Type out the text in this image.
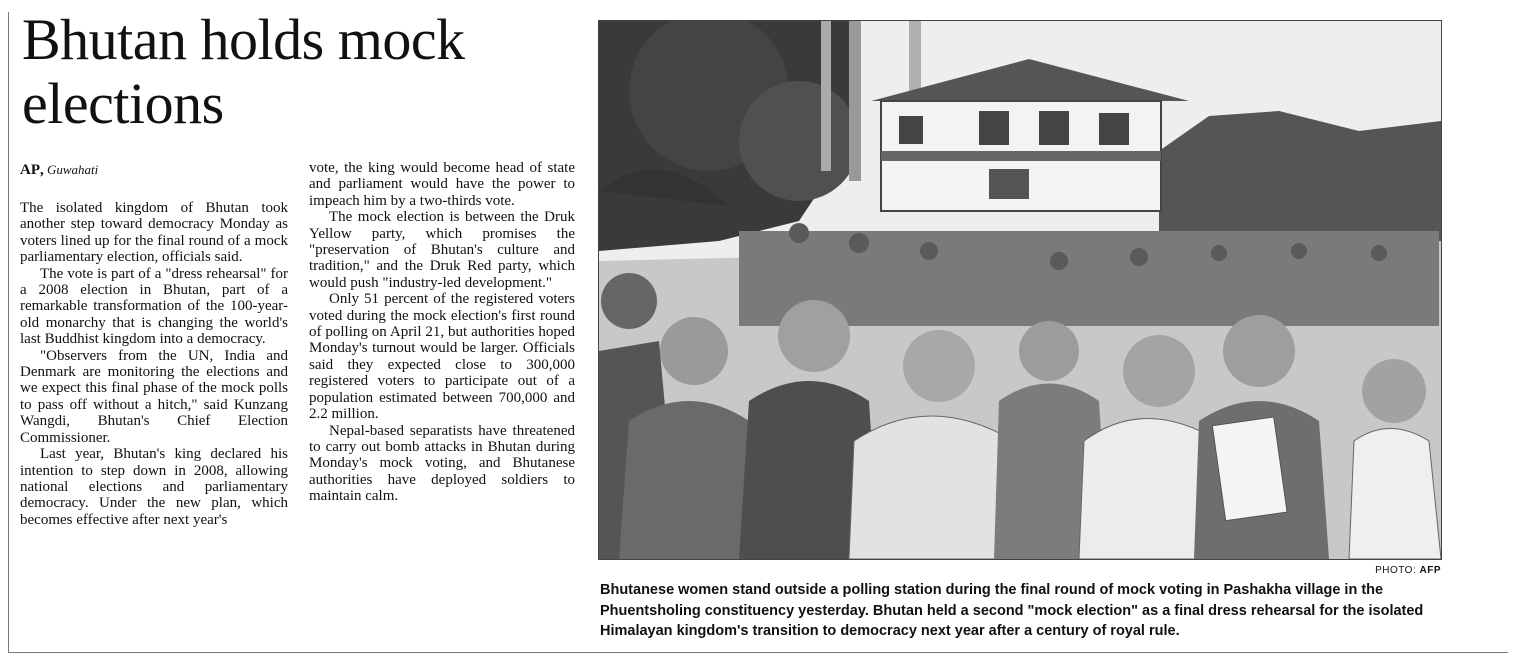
Bhutan holds mock elections
AP, Guwahati

The isolated kingdom of Bhutan took another step toward democracy Monday as voters lined up for the final round of a mock parliamentary election, officials said.

The vote is part of a "dress rehearsal" for a 2008 election in Bhutan, part of a remarkable transformation of the 100-year-old monarchy that is changing the world's last Buddhist kingdom into a democracy.

"Observers from the UN, India and Denmark are monitoring the elections and we expect this final phase of the mock polls to pass off without a hitch," said Kunzang Wangdi, Bhutan's Chief Election Commissioner.

Last year, Bhutan's king declared his intention to step down in 2008, allowing national elections and parliamentary democracy. Under the new plan, which becomes effective after next year's

vote, the king would become head of state and parliament would have the power to impeach him by a two-thirds vote.

The mock election is between the Druk Yellow party, which promises the "preservation of Bhutan's culture and tradition," and the Druk Red party, which would push "industry-led development."

Only 51 percent of the registered voters voted during the mock election's first round of polling on April 21, but authorities hoped Monday's turnout would be larger. Officials said they expected close to 300,000 registered voters to participate out of a population estimated between 700,000 and 2.2 million.

Nepal-based separatists have threatened to carry out bomb attacks in Bhutan during Monday's mock voting, and Bhutanese authorities have deployed soldiers to maintain calm.

PHOTO: AFP

Bhutanese women stand outside a polling station during the final round of mock voting in Pashakha village in the Phuentsholing constituency yesterday. Bhutan held a second "mock election" as a final dress rehearsal for the isolated Himalayan kingdom's transition to democracy next year after a century of royal rule.
